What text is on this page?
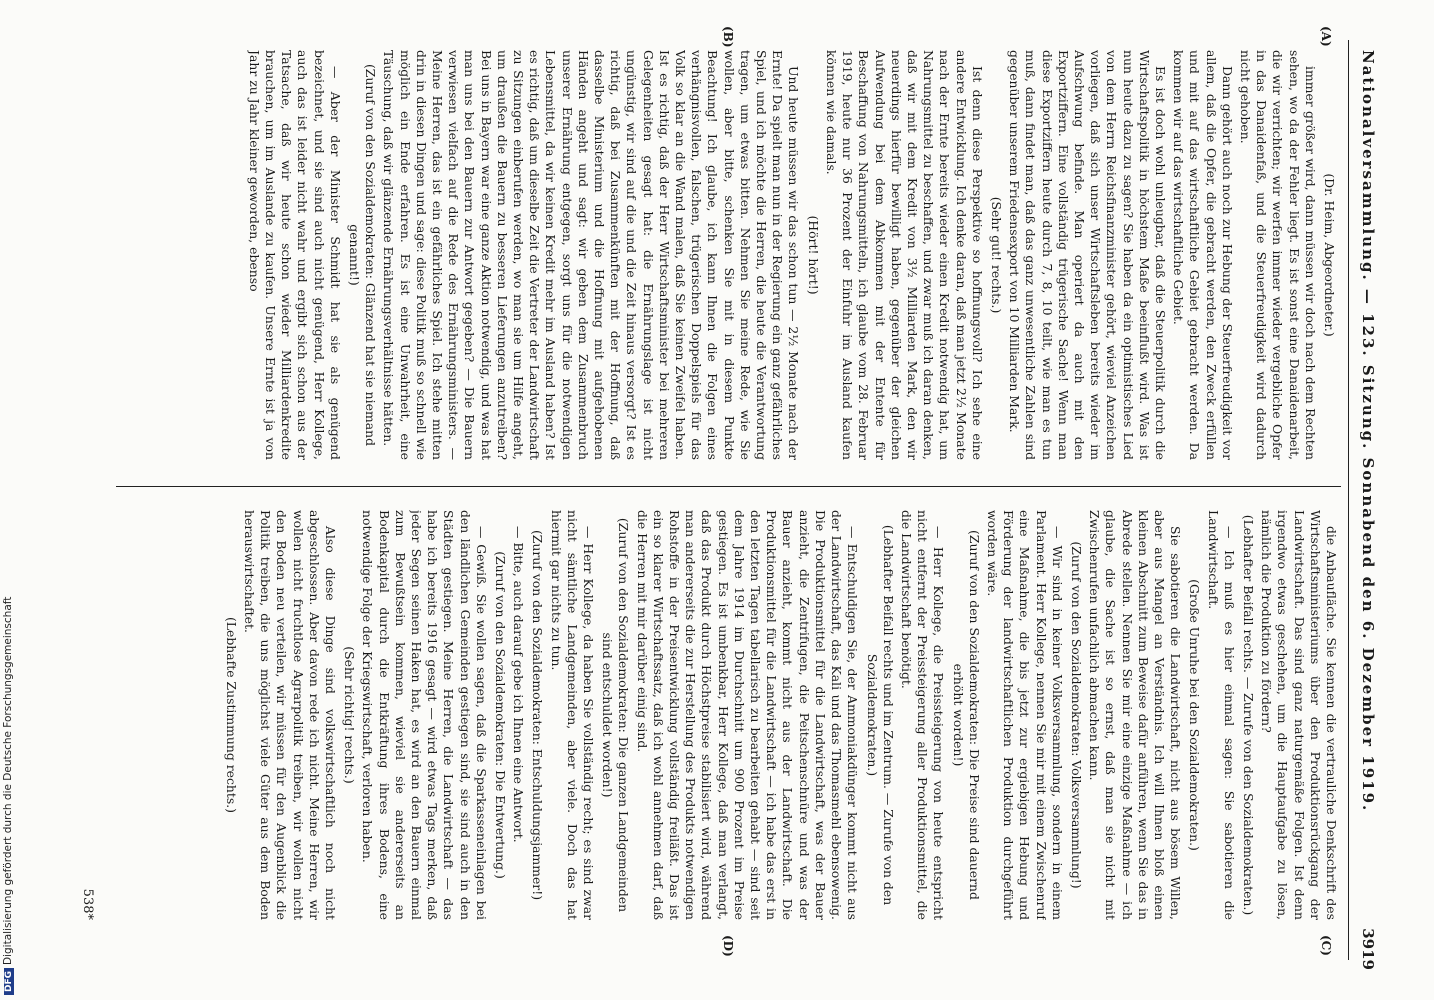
Nationalversammlung. — 123. Sitzung. Sonnabend den 6. Dezember 1919.
3919
(A)
(B)
(C)
(D)

(Dr. Heim, Abgeordneter.)

immer größer wird, dann müssen wir doch nach dem Rechten sehen, wo da der Fehler liegt. Es ist sonst eine Danaidenarbeit, die wir verrichten; wir werfen immer wieder vergebliche Opfer in das Danaidenfaß, und die Steuerfreudigkeit wird dadurch nicht gehoben.

Dann gehört auch noch zur Hebung der Steuerfreudigkeit vor allem, daß die Opfer, die gebracht werden, den Zweck erfüllen und mit auf das wirtschaftliche Gebiet gebracht werden. Da kommen wir auf das wirtschaftliche Gebiet.

Es ist doch wohl unleugbar, daß die Steuerpolitik durch die Wirtschaftspolitik in höchstem Maße beeinflußt wird. Was ist nun heute dazu zu sagen? Sie haben da ein optimistisches Lied von dem Herrn Reichsfinanzminister gehört, wieviel Anzeichen vorliegen, daß sich unser Wirtschaftsleben bereits wieder im Aufschwung befinde. Man operiert da auch mit den Exportziffern. Eine vollständig trügerische Sache! Wenn man diese Exportziffern heute durch 7, 8, 10 teilt, wie man es tun muß, dann findet man, daß das ganz unwesentliche Zahlen sind gegenüber unserem Friedensexport von 10 Milliarden Mark.

(Sehr gut! rechts.)

Ist denn diese Perspektive so hoffnungsvoll? Ich sehe eine andere Entwicklung. Ich denke daran, daß man jetzt 2½ Monate nach der Ernte bereits wieder einen Kredit notwendig hat, um Nahrungsmittel zu beschaffen, und zwar muß ich daran denken, daß wir mit dem Kredit von 3½ Milliarden Mark, den wir neuerdings hierfür bewilligt haben, gegenüber der gleichen Aufwendung bei dem Abkommen mit der Entente für Beschaffung von Nahrungsmitteln, ich glaube vom 28. Februar 1919, heute nur 36 Prozent der Einfuhr im Ausland kaufen können wie damals.

(Hört! hört!)

Und heute müssen wir das schon tun — 2½ Monate nach der Ernte! Da spielt man nun in der Regierung ein ganz gefährliches Spiel, und ich möchte die Herren, die heute die Verantwortung tragen, um etwas bitten. Nehmen Sie meine Rede, wie Sie wollen, aber bitte, schenken Sie mit in diesem Punkte Beachtung! Ich glaube, ich kann Ihnen die Folgen eines verhängnisvollen, falschen, trügerischen Doppelspiels für das Volk so klar an die Wand malen, daß Sie keinen Zweifel haben. Ist es richtig, daß der Herr Wirtschaftsminister bei mehreren Gelegenheiten gesagt hat: die Ernährungslage ist nicht ungünstig, wir sind auf die und die Zeit hinaus versorgt? Ist es richtig, daß bei Zusammenkünften mit der Hoffnung, daß dasselbe Ministerium und die Hoffnung mit aufgehobenen Händen angeht und sagt: wir geben dem Zusammenbruch unserer Ernährung entgegen, sorgt uns für die notwendigen Lebensmittel, da wir keinen Kredit mehr im Ausland haben? Ist es richtig, daß um dieselbe Zeit die Vertreter der Landwirtschaft zu Sitzungen einberufen werden, wo man sie um Hilfe angeht, um draußen die Bauern zu besseren Lieferungen anzutreiben? Bei uns in Bayern war eine ganze Aktion notwendig, und was hat man uns bei den Bauern zur Antwort gegeben? — Die Bauern verwiesen vielfach auf die Rede des Ernährungsministers. — Meine Herren, das ist ein gefährliches Spiel. Ich stehe mitten drin in diesen Dingen und sage: diese Politik muß so schnell wie möglich ein Ende erfahren. Es ist eine Unwahrheit, eine Täuschung, daß wir glänzende Ernährungsverhältnisse hätten.

(Zuruf von den Sozialdemokraten: Glänzend hat sie niemand genannt!)

— Aber der Minister Schmidt hat sie als genügend bezeichnet, und sie sind auch nicht genügend, Herr Kollege, auch das ist leider nicht wahr und ergibt sich schon aus der Tatsache, daß wir heute schon wieder Milliardenkredite brauchen, um im Auslande zu kaufen. Unsere Ernte ist ja von Jahr zu Jahr kleiner geworden, ebenso

die Anbaufläche. Sie kennen die vertrauliche Denkschrift des Wirtschaftsministeriums über den Produktionsrückgang der Landwirtschaft. Das sind ganz naturgemäße Folgen. Ist denn irgendwo etwas geschehen, um die Hauptaufgabe zu lösen, nämlich die Produktion zu fördern?

(Lebhafter Beifall rechts. — Zurufe von den Sozialdemokraten.)

— Ich muß es hier einmal sagen: Sie sabotieren die Landwirtschaft.

(Große Unruhe bei den Sozialdemokraten.)

Sie sabotieren die Landwirtschaft, nicht aus bösem Willen, aber aus Mangel an Verständnis. Ich will Ihnen bloß einen kleinen Abschnitt zum Beweise dafür anführen, wenn Sie das in Abrede stellen. Nennen Sie mir eine einzige Maßnahme — ich glaube, die Sache ist so ernst, daß man sie nicht mit Zwischenrufen unfachlich abmachen kann.

(Zuruf von den Sozialdemokraten: Volksversammlung!)

— Wir sind in keiner Volksversammlung, sondern in einem Parlament. Herr Kollege, nennen Sie mir mit einem Zwischenruf eine Maßnahme, die bis jetzt zur ergiebigen Hebung und Förderung der landwirtschaftlichen Produktion durchgeführt worden wäre.

(Zuruf von den Sozialdemokraten: Die Preise sind dauernd erhöht worden!)

— Herr Kollege, die Preissteigerung von heute entspricht nicht entfernt der Preissteigerung aller Produktionsmittel, die die Landwirtschaft benötigt.

(Lebhafter Beifall rechts und im Zentrum. — Zurufe von den Sozialdemokraten.)

— Entschuldigen Sie, der Ammoniakdünger kommt nicht aus der Landwirtschaft, das Kali und das Thomasmehl ebensowenig. Die Produktionsmittel für die Landwirtschaft, was der Bauer anzieht, die Zentrifugen, die Peitschenschnüre und was der Bauer anzieht, kommt nicht aus der Landwirtschaft. Die Produktionsmittel für die Landwirtschaft — ich habe das erst in den letzten Tagen tabellarisch zu bearbeiten gehabt — sind seit dem Jahre 1914 im Durchschnitt um 900 Prozent im Preise gestiegen. Es ist umbenkbar, Herr Kollege, daß man verlangt, daß das Produkt durch Höchstpreise stabilisiert wird, während man andererseits die zur Herstellung des Produkts notwendigen Rohstoffe in der Preisentwicklung vollständig freiläßt. Das ist ein so klarer Wirtschaftssatz, daß ich wohl annehmen darf, daß die Herren mit mir darüber einig sind.

(Zuruf von den Sozialdemokraten: Die ganzen Landgemeinden sind entschuldet worden!)

— Herr Kollege, da haben Sie vollständig recht; es sind zwar nicht sämtliche Landgemeinden, aber viele. Doch das hat hiermit gar nichts zu tun.

(Zuruf von den Sozialdemokraten: Entschuldungsjammer!)

— Bitte, auch darauf gebe ich Ihnen eine Antwort.

(Zuruf von den Sozialdemokraten: Die Entwertung.)

— Gewiß. Sie wollen sagen, daß die Sparkasseneinlagen bei den ländlichen Gemeinden gestiegen sind, sie sind auch in den Städten gestiegen. Meine Herren, die Landwirtschaft — das habe ich bereits 1916 gesagt — wird etwas Tags merken, daß jeder Segen seinen Haken hat, es wird an den Bauern einmal zum Bewußtsein kommen, wieviel sie andererseits an Bodenkapital durch die Entkräftung ihres Bodens, eine notwendige Folge der Kriegswirtschaft, verloren haben.

(Sehr richtig! rechts.)

Also diese Dinge sind volkswirtschaftlich noch nicht abgeschlossen. Aber davon rede ich nicht. Meine Herren, wir wollen nicht fruchtlose Agrarpolitik treiben, wir wollen nicht den Boden neu verteilen, wir müssen für den Augenblick die Politik treiben, die uns möglichst viele Güter aus dem Boden herauswirtschaftet.

(Lebhafte Zustimmung rechts.)

538*
DFGDigitalisierung gefördert durch die Deutsche Forschungsgemeinschaft
